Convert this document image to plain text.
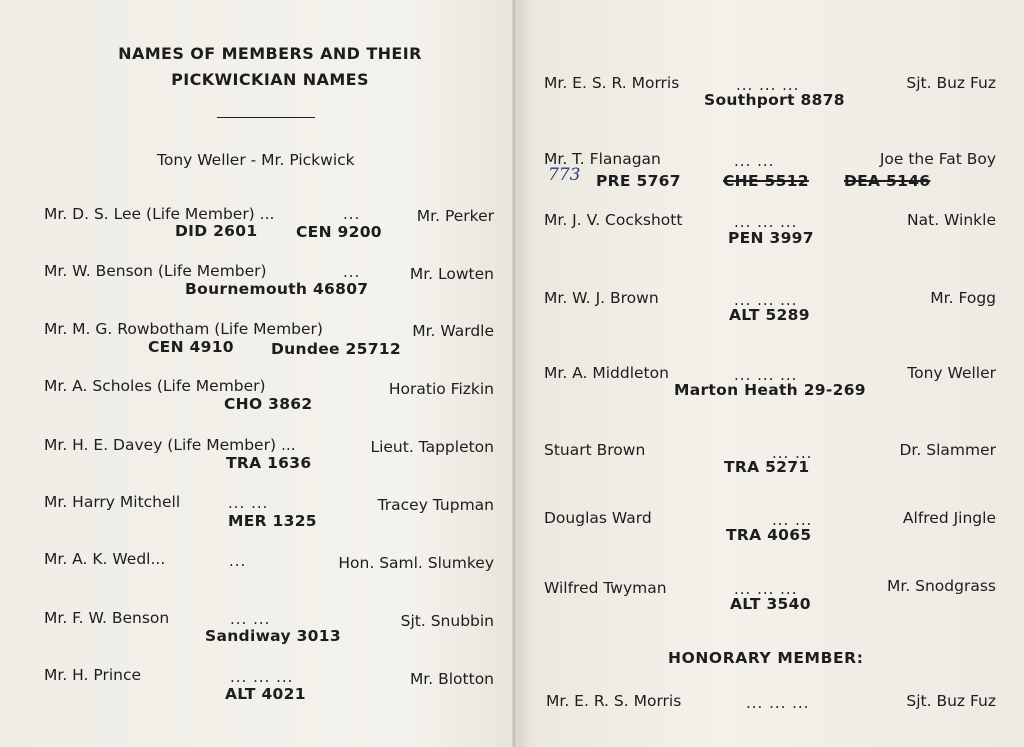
NAMES OF MEMBERS AND THEIR
PICKWICKIAN NAMES
Tony Weller - Mr. Pickwick
Mr. D. S. Lee (Life Member) ...	...	Mr. Perker
DID 2601 CEN 9200
Mr. W. Benson (Life Member)	...	Mr. Lowten
Bournemouth 46807
Mr. M. G. Rowbotham (Life Member)	Mr. Wardle
CEN 4910 Dundee 25712
Mr. A. Scholes (Life Member)	Horatio Fizkin
CHO 3862
Mr. H. E. Davey (Life Member) ...	Lieut. Tappleton
TRA 1636
Mr. Harry Mitchell	... ...	Tracey Tupman
MER 1325
Mr. A. K. Wedl...	...	Hon. Saml. Slumkey
Mr. F. W. Benson	... ...	Sjt. Snubbin
Sandiway 3013
Mr. H. Prince	... ... ...	Mr. Blotton
ALT 4021
Mr. E. S. R. Morris	... ... ...	Sjt. Buz Fuz
Southport 8878
Mr. T. Flanagan	... ...	Joe the Fat Boy
773 PRE 5767	CHE 5512 DEA 5146
Mr. J. V. Cockshott	... ... ...	Nat. Winkle
PEN 3997
Mr. W. J. Brown	... ... ...	Mr. Fogg
ALT 5289
Mr. A. Middleton	... ... ...	Tony Weller
Marton Heath 29-269
Stuart Brown	... ...	Dr. Slammer
TRA 5271
Douglas Ward	... ...	Alfred Jingle
TRA 4065
Wilfred Twyman	... ... ...	Mr. Snodgrass
ALT 3540
HONORARY MEMBER:
Mr. E. R. S. Morris	... ... ...	Sjt. Buz Fuz
